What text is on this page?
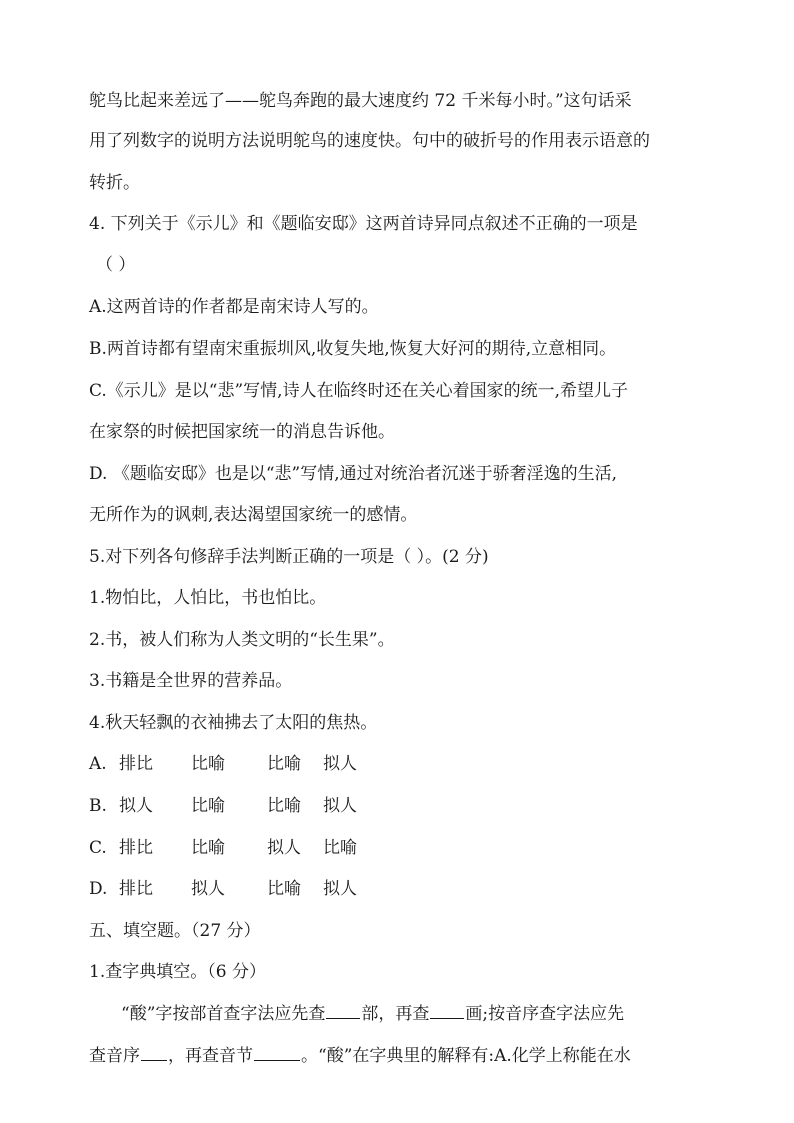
鸵鸟比起来差远了——鸵鸟奔跑的最大速度约 72 千米每小时。”这句话采
用了列数字的说明方法说明鸵鸟的速度快。句中的破折号的作用表示语意的
转折。
4. 下列关于《示儿》和《题临安邸》这两首诗异同点叙述不正确的一项是
（ ）
A.这两首诗的作者都是南宋诗人写的。
B.两首诗都有望南宋重振圳风,收复失地,恢复大好河的期待,立意相同。
C.《示儿》是以“悲”写情,诗人在临终时还在关心着国家的统一,希望儿子
在家祭的时候把国家统一的消息告诉他。
D. 《题临安邸》也是以“悲”写情,通过对统治者沉迷于骄奢淫逸的生活,
无所作为的讽刺,表达渴望国家统一的感情。
5.对下列各句修辞手法判断正确的一项是（ ）。(2 分)
1.物怕比，人怕比，书也怕比。
2.书，被人们称为人类文明的“长生果”。
3.书籍是全世界的营养品。
4.秋天轻飘的衣袖拂去了太阳的焦热。
A. 排比 比喻 比喻 拟人
B. 拟人 比喻 比喻 拟人
C. 排比 比喻 拟人 比喻
D. 排比 拟人 比喻 拟人
五、填空题。（27 分）
1.查字典填空。（6 分）
“酸”字按部首查字法应先查 部，再查 画;按音序查字法应先
查音序 ，再查音节	。“酸”在字典里的解释有:A.化学上称能在水
